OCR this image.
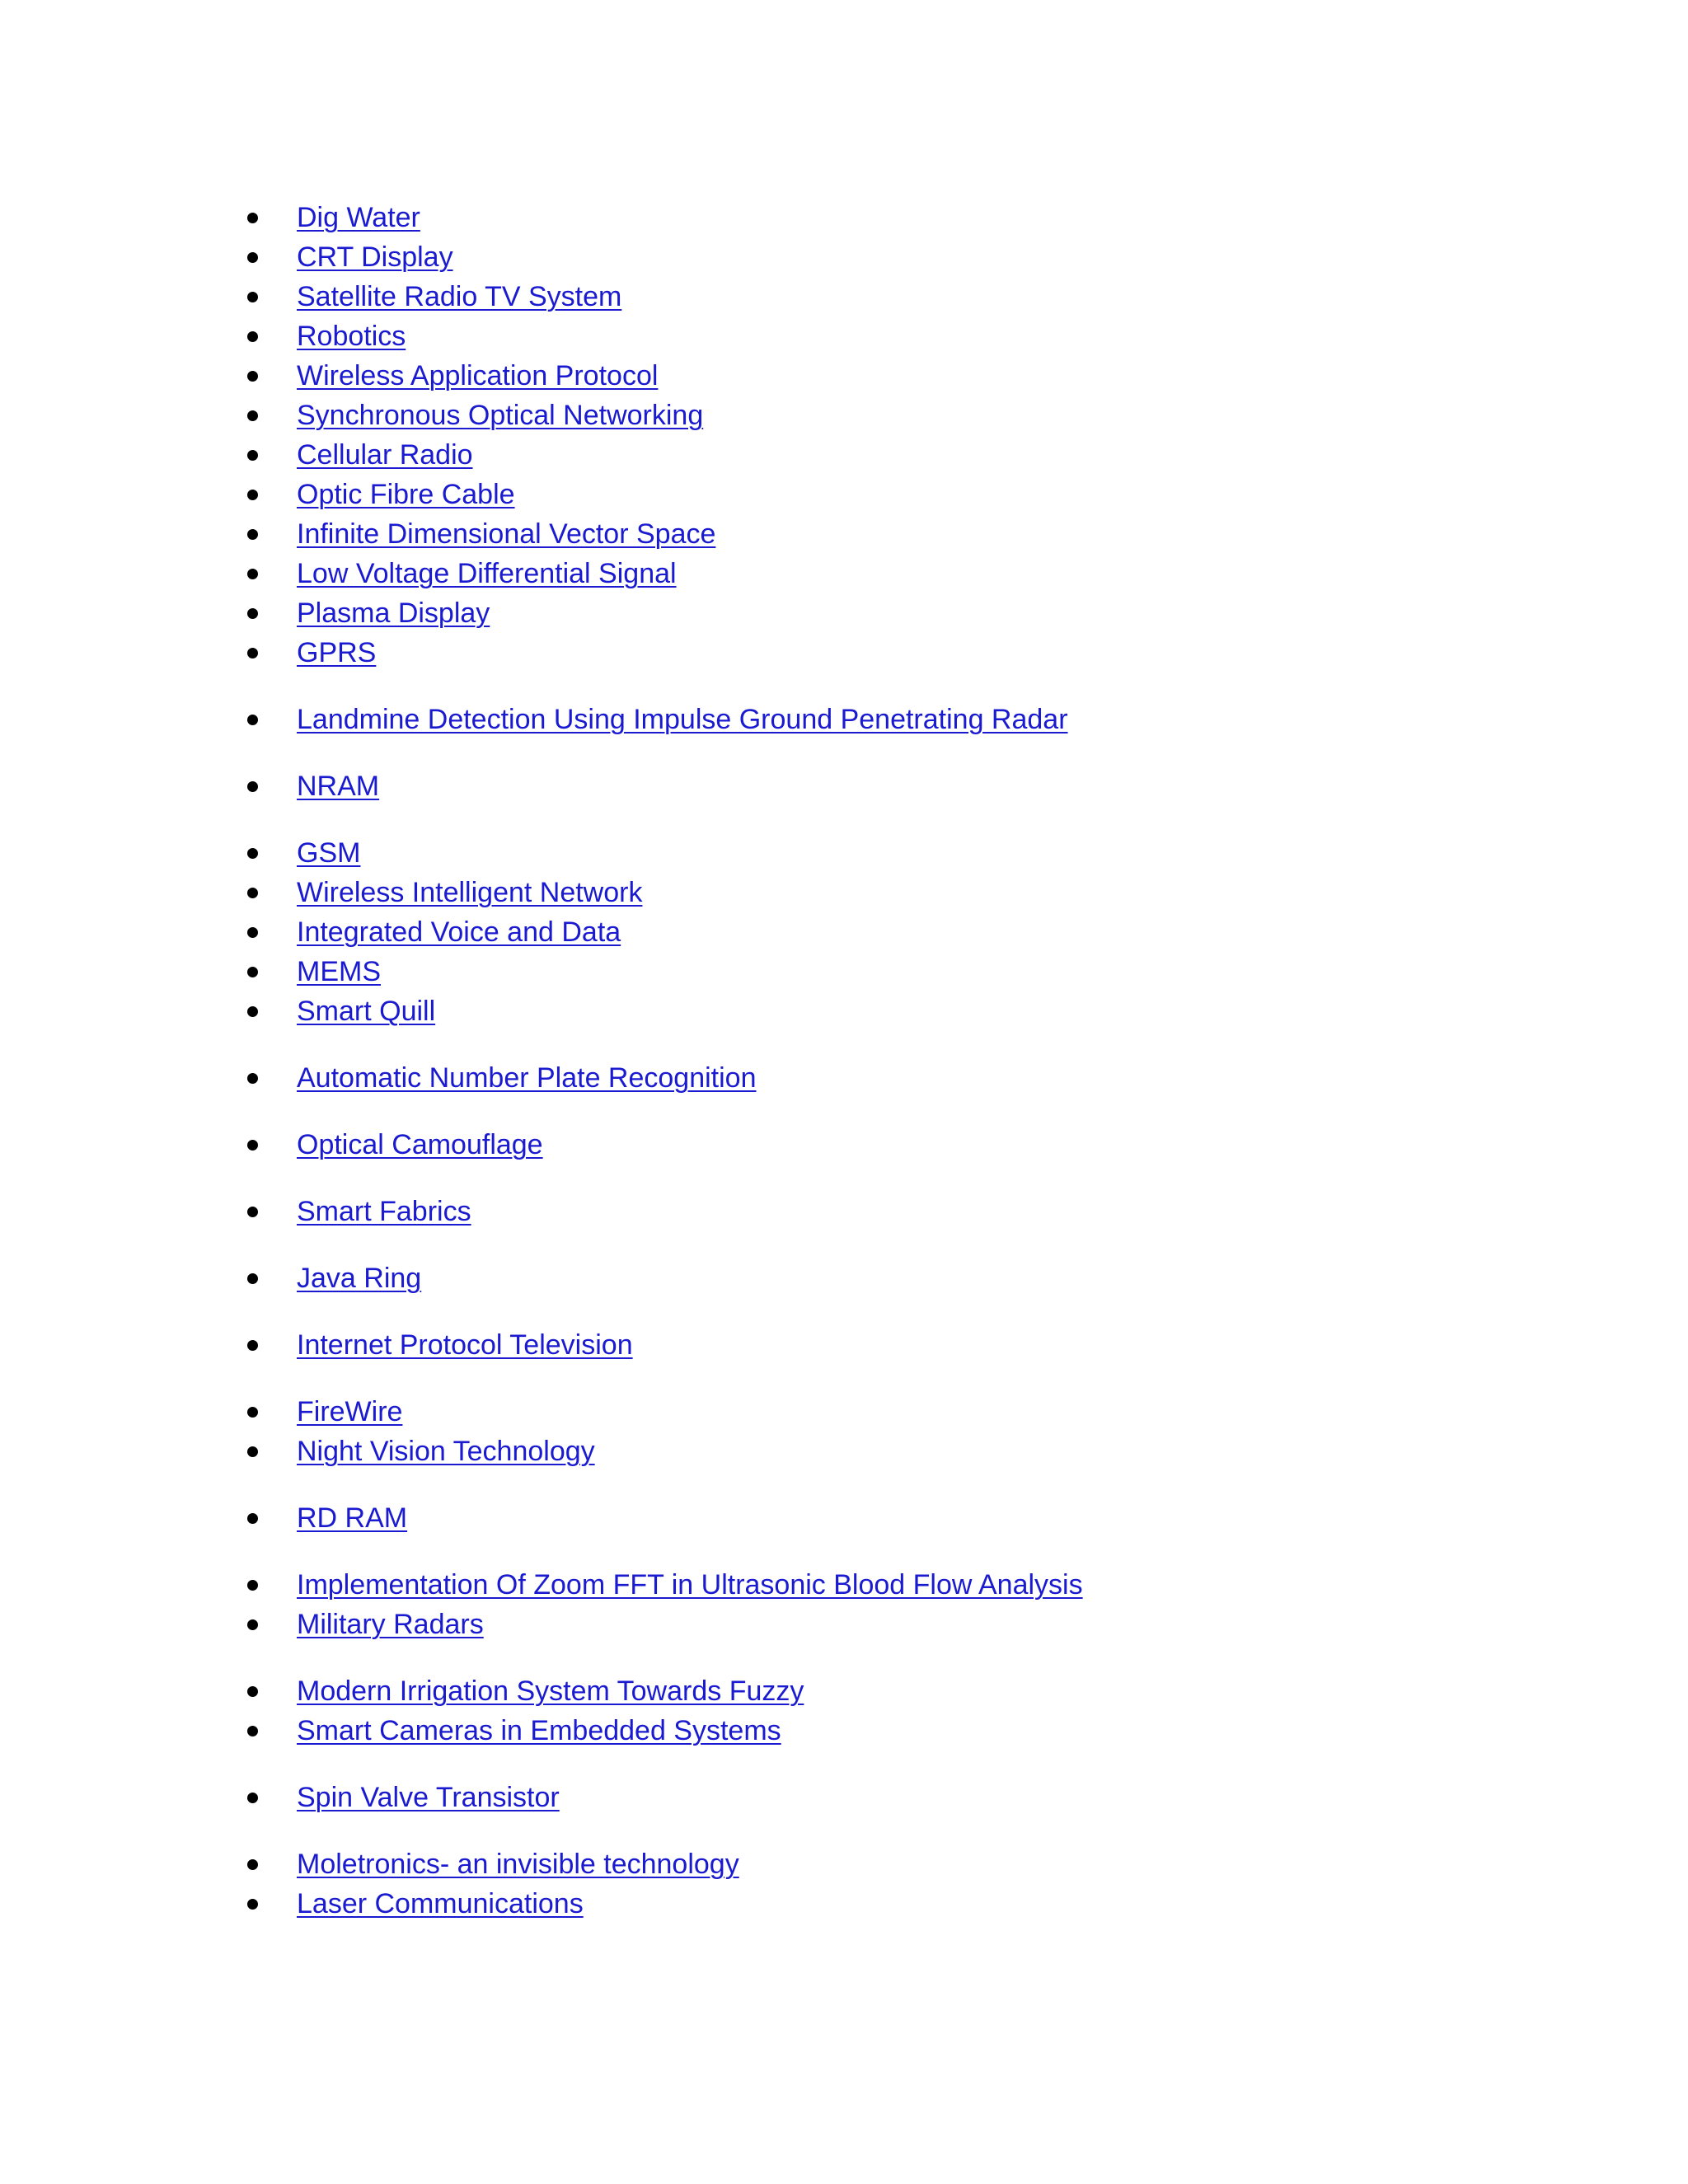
Dig Water
CRT Display
Satellite Radio TV System
Robotics
Wireless Application Protocol
Synchronous Optical Networking
Cellular Radio
Optic Fibre Cable
Infinite Dimensional Vector Space
Low Voltage Differential Signal
Plasma Display
GPRS
Landmine Detection Using Impulse Ground Penetrating Radar
NRAM
GSM
Wireless Intelligent Network
Integrated Voice and Data
MEMS
Smart Quill
Automatic Number Plate Recognition
Optical Camouflage
Smart Fabrics
Java Ring
Internet Protocol Television
FireWire
Night Vision Technology
RD RAM
Implementation Of Zoom FFT in Ultrasonic Blood Flow Analysis
Military Radars
Modern Irrigation System Towards Fuzzy
Smart Cameras in Embedded Systems
Spin Valve Transistor
Moletronics- an invisible technology
Laser Communications
